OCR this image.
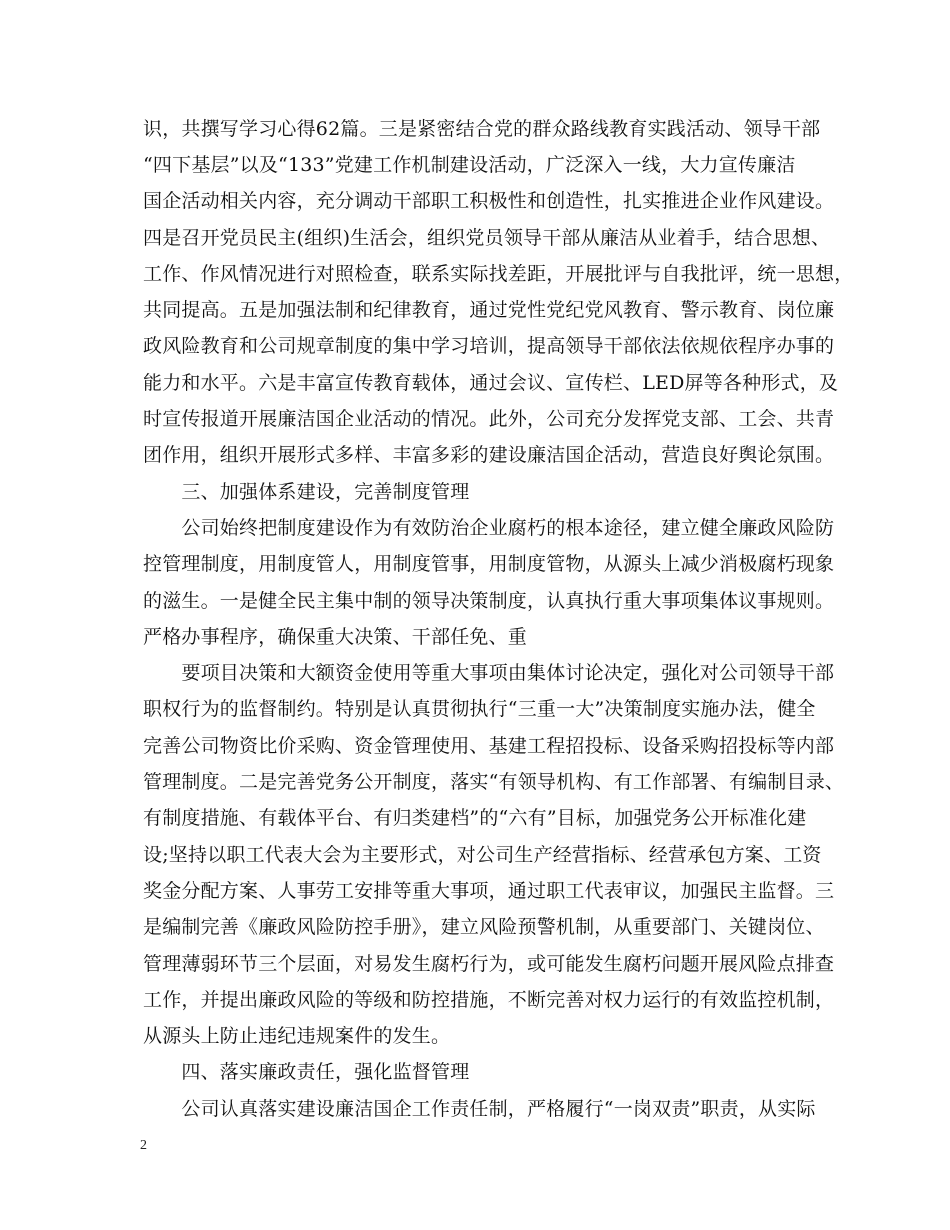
识，共撰写学习心得62篇。三是紧密结合党的群众路线教育实践活动、领导干部
“四下基层”以及“133”党建工作机制建设活动，广泛深入一线，大力宣传廉洁
国企活动相关内容，充分调动干部职工积极性和创造性，扎实推进企业作风建设。
四是召开党员民主(组织)生活会，组织党员领导干部从廉洁从业着手，结合思想、
工作、作风情况进行对照检查，联系实际找差距，开展批评与自我批评，统一思想，
共同提高。五是加强法制和纪律教育，通过党性党纪党风教育、警示教育、岗位廉
政风险教育和公司规章制度的集中学习培训，提高领导干部依法依规依程序办事的
能力和水平。六是丰富宣传教育载体，通过会议、宣传栏、LED屏等各种形式，及
时宣传报道开展廉洁国企业活动的情况。此外，公司充分发挥党支部、工会、共青
团作用，组织开展形式多样、丰富多彩的建设廉洁国企活动，营造良好舆论氛围。
　　三、加强体系建设，完善制度管理
　　公司始终把制度建设作为有效防治企业腐朽的根本途径，建立健全廉政风险防
控管理制度，用制度管人，用制度管事，用制度管物，从源头上减少消极腐朽现象
的滋生。一是健全民主集中制的领导决策制度，认真执行重大事项集体议事规则。
严格办事程序，确保重大决策、干部任免、重
　　要项目决策和大额资金使用等重大事项由集体讨论决定，强化对公司领导干部
职权行为的监督制约。特别是认真贯彻执行“三重一大”决策制度实施办法，健全
完善公司物资比价采购、资金管理使用、基建工程招投标、设备采购招投标等内部
管理制度。二是完善党务公开制度，落实“有领导机构、有工作部署、有编制目录、
有制度措施、有载体平台、有归类建档”的“六有”目标，加强党务公开标准化建
设;坚持以职工代表大会为主要形式，对公司生产经营指标、经营承包方案、工资
奖金分配方案、人事劳工安排等重大事项，通过职工代表审议，加强民主监督。三
是编制完善《廉政风险防控手册》，建立风险预警机制，从重要部门、关键岗位、
管理薄弱环节三个层面，对易发生腐朽行为，或可能发生腐朽问题开展风险点排查
工作，并提出廉政风险的等级和防控措施，不断完善对权力运行的有效监控机制，
从源头上防止违纪违规案件的发生。
　　四、落实廉政责任，强化监督管理
　　公司认真落实建设廉洁国企工作责任制，严格履行“一岗双责”职责，从实际
2
